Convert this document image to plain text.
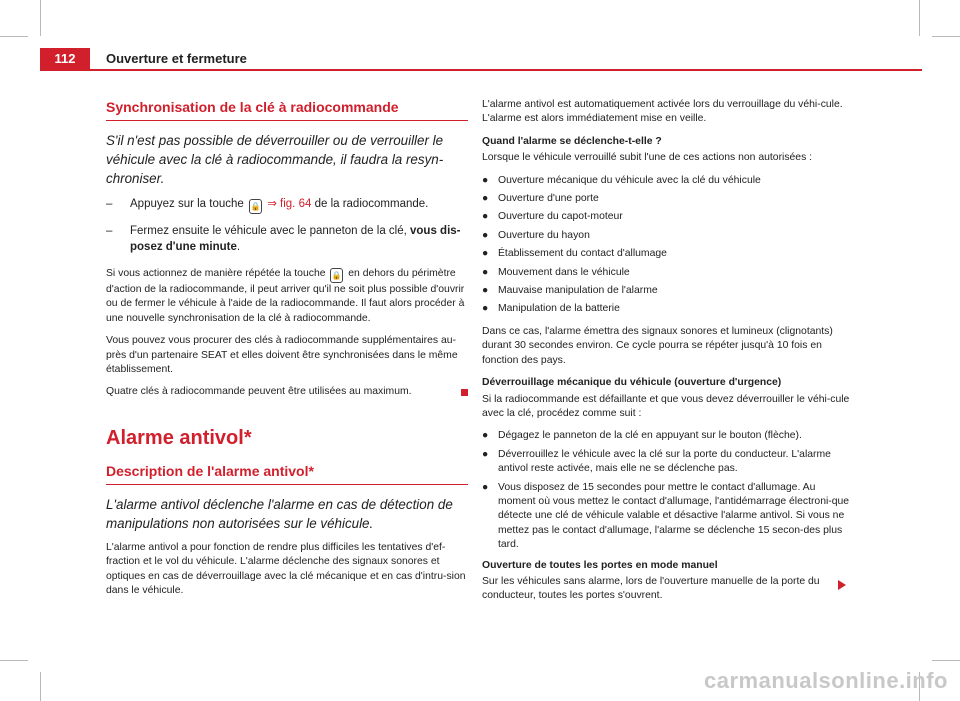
112	Ouverture et fermeture
Synchronisation de la clé à radiocommande

S'il n'est pas possible de déverrouiller ou de verrouiller le véhicule avec la clé à radiocommande, il faudra la resyn-chroniser.

–	Appuyez sur la touche 🔒 ⇒ fig. 64 de la radiocommande.
–	Fermez ensuite le véhicule avec le panneton de la clé, vous dis-posez d'une minute.

Si vous actionnez de manière répétée la touche 🔒 en dehors du périmètre d'action de la radiocommande, il peut arriver qu'il ne soit plus possible d'ouvrir ou de fermer le véhicule à l'aide de la radiocommande. Il faut alors procéder à une nouvelle synchronisation de la clé à radiocommande.

Vous pouvez vous procurer des clés à radiocommande supplémentaires au-près d'un partenaire SEAT et elles doivent être synchronisées dans le même établissement.

Quatre clés à radiocommande peuvent être utilisées au maximum.

Alarme antivol*
Description de l'alarme antivol*

L'alarme antivol déclenche l'alarme en cas de détection de manipulations non autorisées sur le véhicule.

L'alarme antivol a pour fonction de rendre plus difficiles les tentatives d'ef-fraction et le vol du véhicule. L'alarme déclenche des signaux sonores et optiques en cas de déverrouillage avec la clé mécanique et en cas d'intru-sion dans le véhicule.

L'alarme antivol est automatiquement activée lors du verrouillage du véhi-cule. L'alarme est alors immédiatement mise en veille.

Quand l'alarme se déclenche-t-elle ?

Lorsque le véhicule verrouillé subit l'une de ces actions non autorisées :

● Ouverture mécanique du véhicule avec la clé du véhicule
● Ouverture d'une porte
● Ouverture du capot-moteur
● Ouverture du hayon
● Établissement du contact d'allumage
● Mouvement dans le véhicule
● Mauvaise manipulation de l'alarme
● Manipulation de la batterie

Dans ce cas, l'alarme émettra des signaux sonores et lumineux (clignotants) durant 30 secondes environ. Ce cycle pourra se répéter jusqu'à 10 fois en fonction des pays.

Déverrouillage mécanique du véhicule (ouverture d'urgence)

Si la radiocommande est défaillante et que vous devez déverrouiller le véhi-cule avec la clé, procédez comme suit :

● Dégagez le panneton de la clé en appuyant sur le bouton (flèche).
● Déverrouillez le véhicule avec la clé sur la porte du conducteur. L'alarme antivol reste activée, mais elle ne se déclenche pas.
● Vous disposez de 15 secondes pour mettre le contact d'allumage. Au moment où vous mettez le contact d'allumage, l'antidémarrage électroni-que détecte une clé de véhicule valable et désactive l'alarme antivol. Si vous ne mettez pas le contact d'allumage, l'alarme se déclenche 15 secon-des plus tard.
Ouverture de toutes les portes en mode manuel

Sur les véhicules sans alarme, lors de l'ouverture manuelle de la porte du conducteur, toutes les portes s'ouvrent.

carmanualsonline.info
